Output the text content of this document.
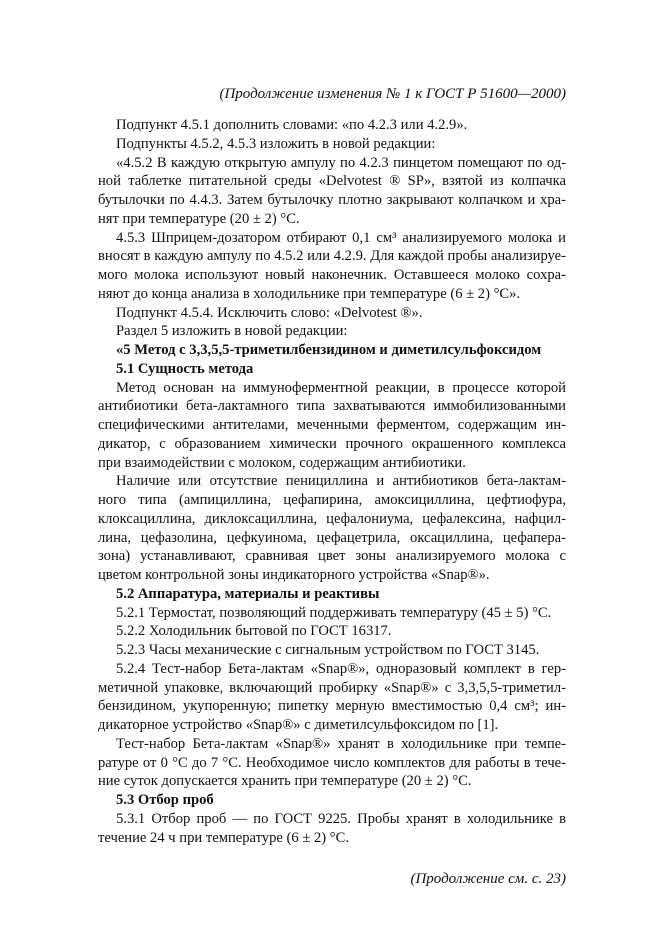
(Продолжение изменения № 1 к ГОСТ Р 51600—2000)
Подпункт 4.5.1 дополнить словами: «по 4.2.3 или 4.2.9».
Подпункты 4.5.2, 4.5.3 изложить в новой редакции:
«4.5.2 В каждую открытую ампулу по 4.2.3 пинцетом помещают по од-
ной таблетке питательной среды «Delvotest ® SP», взятой из колпачка
бутылочки по 4.4.3. Затем бутылочку плотно закрывают колпачком и хра-
нят при температуре (20 ± 2) °С.
4.5.3 Шприцем-дозатором отбирают 0,1 см³ анализируемого молока и
вносят в каждую ампулу по 4.5.2 или 4.2.9. Для каждой пробы анализируе-
мого молока используют новый наконечник. Оставшееся молоко сохра-
няют до конца анализа в холодильнике при температуре (6 ± 2) °С».
Подпункт 4.5.4. Исключить слово: «Delvotest ®».
Раздел 5 изложить в новой редакции:
«5 Метод с 3,3,5,5-триметилбензидином и диметилсульфоксидом
5.1 Сущность метода
Метод основан на иммуноферментной реакции, в процессе которой
антибиотики бета-лактамного типа захватываются иммобилизованными
специфическими антителами, меченными ферментом, содержащим ин-
дикатор, с образованием химически прочного окрашенного комплекса
при взаимодействии с молоком, содержащим антибиотики.
Наличие или отсутствие пенициллина и антибиотиков бета-лактам-
ного типа (ампициллина, цефапирина, амоксициллина, цефтиофура,
клоксациллина, диклоксациллина, цефалониума, цефалексина, нафцил-
лина, цефазолина, цефкуинома, цефацетрила, оксациллина, цефапера-
зона) устанавливают, сравнивая цвет зоны анализируемого молока с
цветом контрольной зоны индикаторного устройства «Snap®».
5.2 Аппаратура, материалы и реактивы
5.2.1 Термостат, позволяющий поддерживать температуру (45 ± 5) °С.
5.2.2 Холодильник бытовой по ГОСТ 16317.
5.2.3 Часы механические с сигнальным устройством по ГОСТ 3145.
5.2.4 Тест-набор Бета-лактам «Snap®», одноразовый комплект в гер-
метичной упаковке, включающий пробирку «Snap®» с 3,3,5,5-триметил-
бензидином, укупоренную; пипетку мерную вместимостью 0,4 см³; ин-
дикаторное устройство «Snap®» с диметилсульфоксидом по [1].
Тест-набор Бета-лактам «Snap®» хранят в холодильнике при темпе-
ратуре от 0 °С до 7 °С. Необходимое число комплектов для работы в тече-
ние суток допускается хранить при температуре (20 ± 2) °С.
5.3 Отбор проб
5.3.1 Отбор проб — по ГОСТ 9225. Пробы хранят в холодильнике в
течение 24 ч при температуре (6 ± 2) °С.
(Продолжение см. с. 23)
